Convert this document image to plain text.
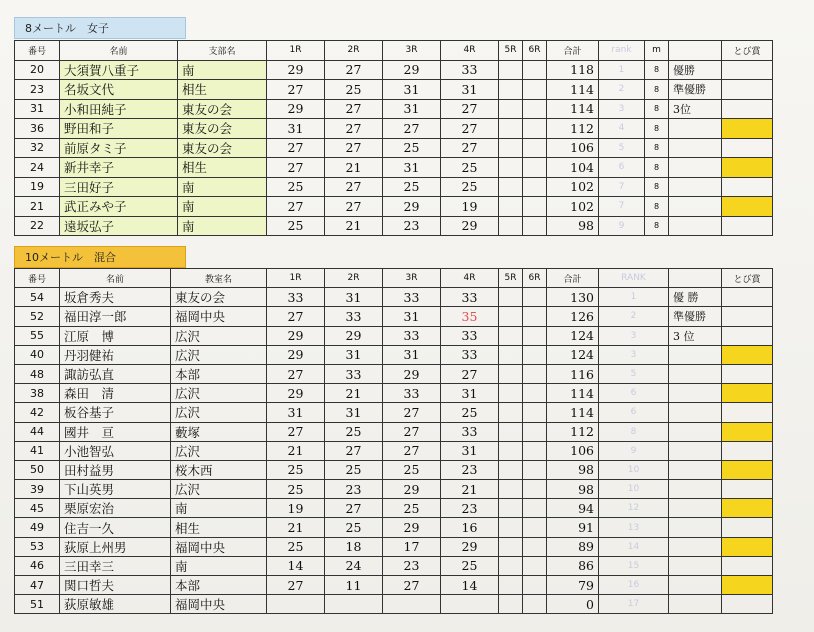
8メートル　女子
番号	名前	支部名	1R	2R	3R	4R	5R	6R	合計	rank	m		とび賞
20	大須賀八重子	南	29	27	29	33			118	1	8	優勝	
23	名坂文代	相生	27	25	31	31			114	2	8	準優勝	
31	小和田純子	東友の会	29	27	31	27			114	3	8	3位	
36	野田和子	東友の会	31	27	27	27			112	4	8		
32	前原タミ子	東友の会	27	27	25	27			106	5	8		
24	新井幸子	相生	27	21	31	25			104	6	8		
19	三田好子	南	25	27	25	25			102	7	8		
21	武正みや子	南	27	27	29	19			102	7	8		
22	遠坂弘子	南	25	21	23	29			98	9	8		
10メートル　混合
番号	名前	教室名	1R	2R	3R	4R	5R	6R	合計	RANK		とび賞
54	坂倉秀夫	東友の会	33	31	33	33			130	1	優 勝	
52	福田淳一郎	福岡中央	27	33	31	35			126	2	準優勝	
55	江原　博	広沢	29	29	33	33			124	3	3 位	
40	丹羽健祐	広沢	29	31	31	33			124	3		
48	諏訪弘直	本部	27	33	29	27			116	5		
38	森田　清	広沢	29	21	33	31			114	6		
42	板谷基子	広沢	31	31	27	25			114	6		
44	國井　亘	藪塚	27	25	27	33			112	8		
41	小池智弘	広沢	21	27	27	31			106	9		
50	田村益男	桜木西	25	25	25	23			98	10		
39	下山英男	広沢	25	23	29	21			98	10		
45	栗原宏治	南	19	27	25	23			94	12		
49	住吉一久	相生	21	25	29	16			91	13		
53	荻原上州男	福岡中央	25	18	17	29			89	14		
46	三田幸三	南	14	24	23	25			86	15		
47	関口哲夫	本部	27	11	27	14			79	16		
51	荻原敏雄	福岡中央							0	17		
